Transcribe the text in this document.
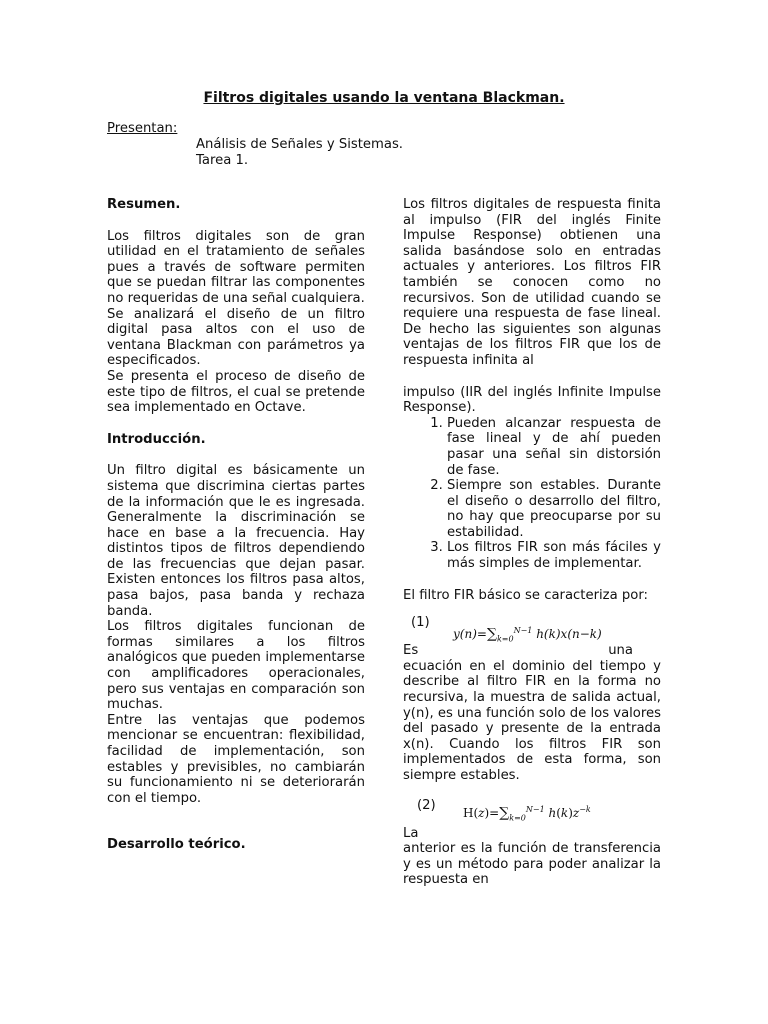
Filtros digitales usando la ventana Blackman.
Presentan:
Análisis de Señales y Sistemas.
Tarea 1.

Resumen.

Los filtros digitales son de gran utilidad en el tratamiento de señales pues a través de software permiten que se puedan filtrar las componentes no requeridas de una señal cualquiera.

Se analizará el diseño de un filtro digital pasa altos con el uso de ventana Blackman con parámetros ya especificados.

Se presenta el proceso de diseño de este tipo de filtros, el cual se pretende sea implementado en Octave.

Introducción.

Un filtro digital es básicamente un sistema que discrimina ciertas partes de la información que le es ingresada. Generalmente la discriminación se hace en base a la frecuencia. Hay distintos tipos de filtros dependiendo de las frecuencias que dejan pasar. Existen entonces los filtros pasa altos, pasa bajos, pasa banda y rechaza banda.

Los filtros digitales funcionan de formas similares a los filtros analógicos que pueden implementarse con amplificadores operacionales, pero sus ventajas en comparación son muchas.

Entre las ventajas que podemos mencionar se encuentran: flexibilidad, facilidad de implementación, son estables y previsibles, no cambiarán su funcionamiento ni se deteriorarán con el tiempo.

Desarrollo teórico.

Los filtros digitales de respuesta finita al impulso (FIR del inglés Finite Impulse Response) obtienen una salida basándose solo en entradas actuales y anteriores. Los filtros FIR también se conocen como no recursivos. Son de utilidad cuando se requiere una respuesta de fase lineal. De hecho las siguientes son algunas ventajas de los filtros FIR que los de respuesta infinita al

impulso (IIR del inglés Infinite Impulse Response).

1. Pueden alcanzar respuesta de fase lineal y de ahí pueden pasar una señal sin distorsión de fase.
2. Siempre son estables. Durante el diseño o desarrollo del filtro, no hay que preocuparse por su estabilidad.
3. Los filtros FIR son más fáciles y más simples de implementar.

El filtro FIR básico se caracteriza por:

(1)
$y(n)=\sum_{k=0}^{N-1}$ h(k)x(n−k)
Es	una

ecuación en el dominio del tiempo y describe al filtro FIR en la forma no recursiva, la muestra de salida actual, y(n), es una función solo de los valores del pasado y presente de la entrada x(n). Cuando los filtros FIR son implementados de esta forma, son siempre estables.

(2) $H(z)=\sum_{k=0}^{N-1}$ $h(k)z^{-k}$

La

anterior es la función de transferencia y es un método para poder analizar la respuesta en
